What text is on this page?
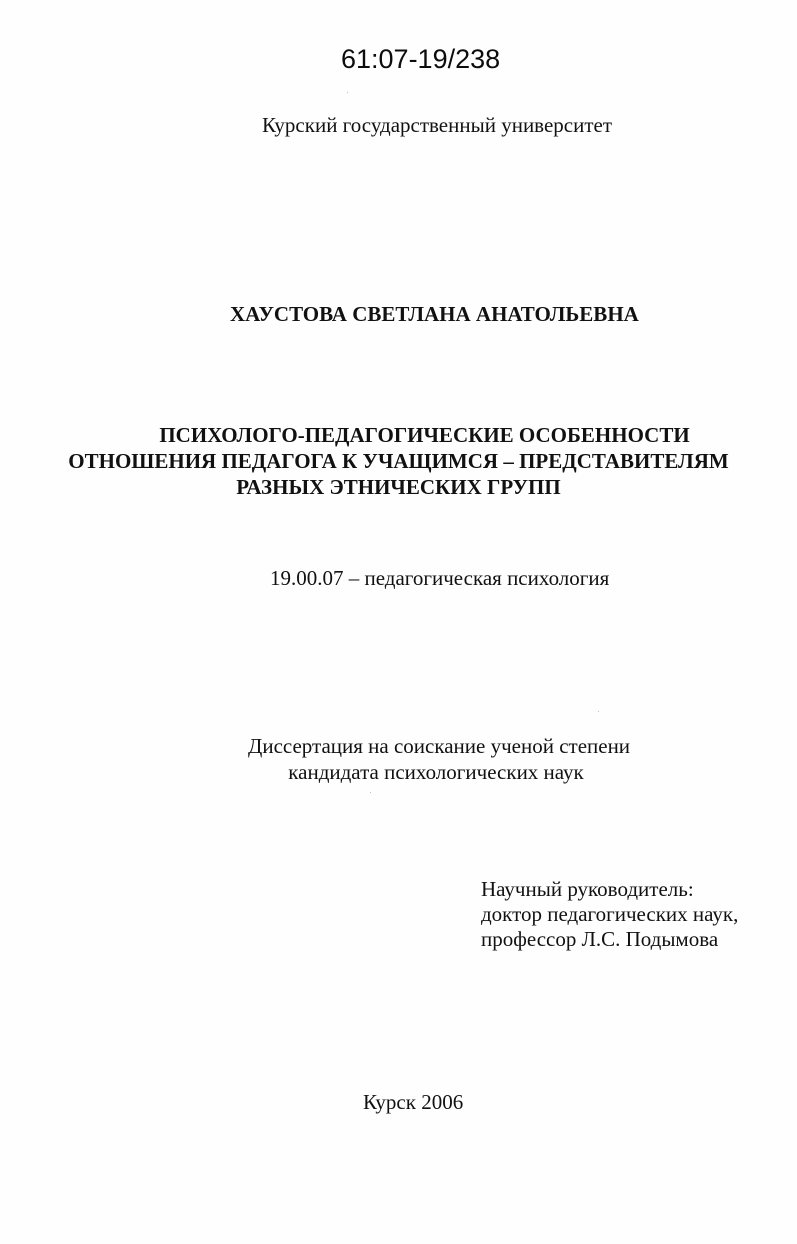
61:07-19/238
Курский государственный университет
ХАУСТОВА СВЕТЛАНА АНАТОЛЬЕВНА
ПСИХОЛОГО-ПЕДАГОГИЧЕСКИЕ ОСОБЕННОСТИ
ОТНОШЕНИЯ ПЕДАГОГА К УЧАЩИМСЯ – ПРЕДСТАВИТЕЛЯМ
РАЗНЫХ ЭТНИЧЕСКИХ ГРУПП
19.00.07 – педагогическая психология
Диссертация на соискание ученой степени
кандидата психологических наук
Научный руководитель:
доктор педагогических наук,
профессор Л.С. Подымова
Курск 2006
